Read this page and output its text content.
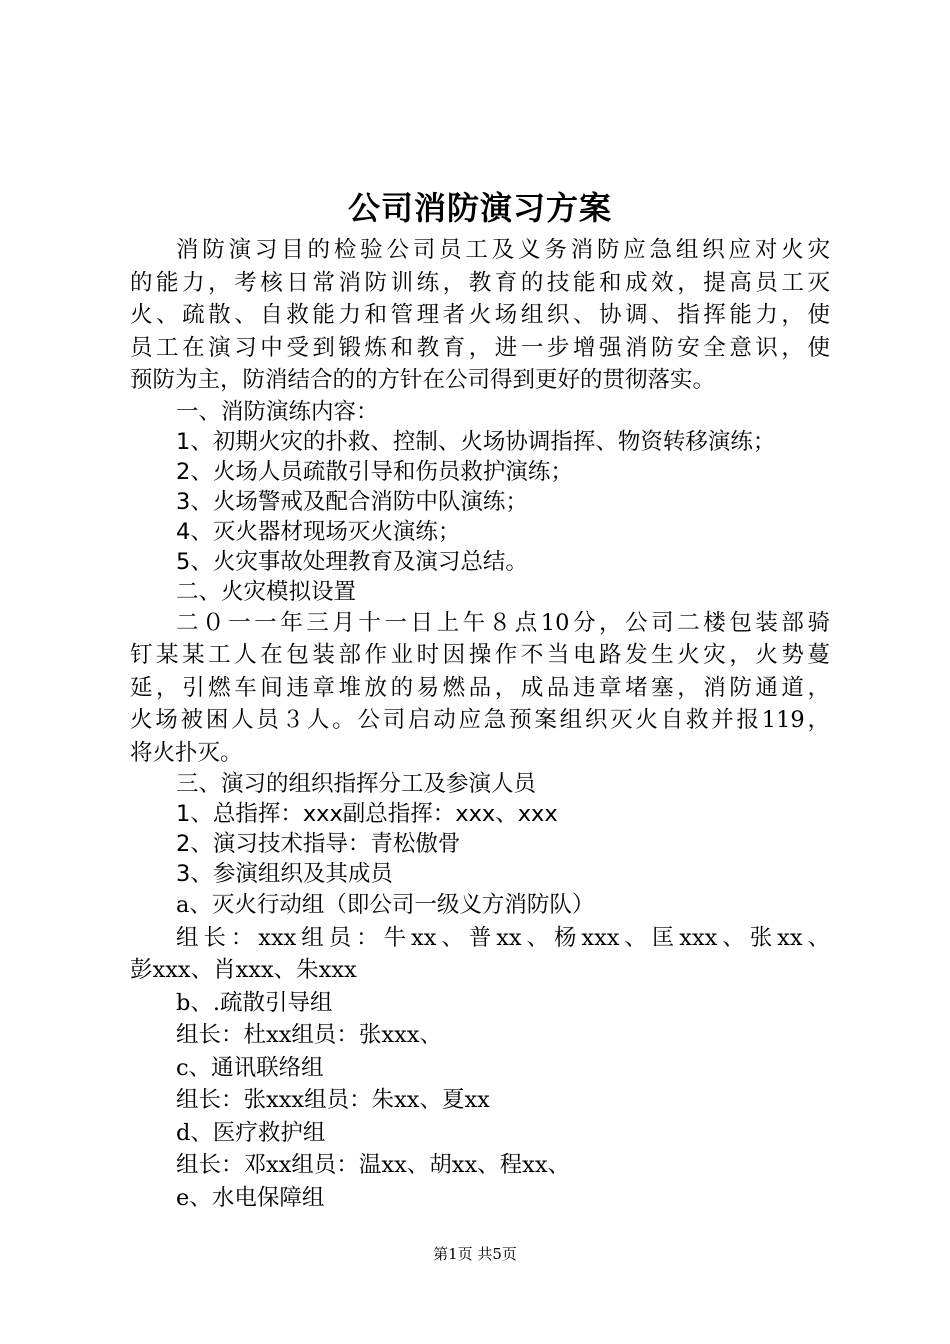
公司消防演习方案

消防演习目的检验公司员工及义务消防应急组织应对火灾

的能力，考核日常消防训练，教育的技能和成效，提高员工灭

火、疏散、自救能力和管理者火场组织、协调、指挥能力，使

员工在演习中受到锻炼和教育，进一步增强消防安全意识，使

预防为主，防消结合的的方针在公司得到更好的贯彻落实。

一、消防演练内容：

1、初期火灾的扑救、控制、火场协调指挥、物资转移演练；

2、火场人员疏散引导和伤员救护演练；

3、火场警戒及配合消防中队演练；

4、灭火器材现场灭火演练；

5、火灾事故处理教育及演习总结。

二、火灾模拟设置

二０一一年三月十一日上午８点10分，公司二楼包装部骑

钉某某工人在包装部作业时因操作不当电路发生火灾，火势蔓

延，引燃车间违章堆放的易燃品，成品违章堵塞，消防通道，

火场被困人员３人。公司启动应急预案组织灭火自救并报119，

将火扑灭。

三、演习的组织指挥分工及参演人员

1、总指挥：xxx副总指挥：xxx、xxx

2、演习技术指导：青松傲骨

3、参演组织及其成员

a、灭火行动组（即公司一级义方消防队）

组长：xxx组员：牛xx、普xx、杨xxx、匡xxx、张xx、

彭xxx、肖xxx、朱xxx

b、.疏散引导组

组长：杜xx组员：张xxx、

c、通讯联络组

组长：张xxx组员：朱xx、夏xx

d、医疗救护组

组长：邓xx组员：温xx、胡xx、程xx、

e、水电保障组

第1页 共5页
